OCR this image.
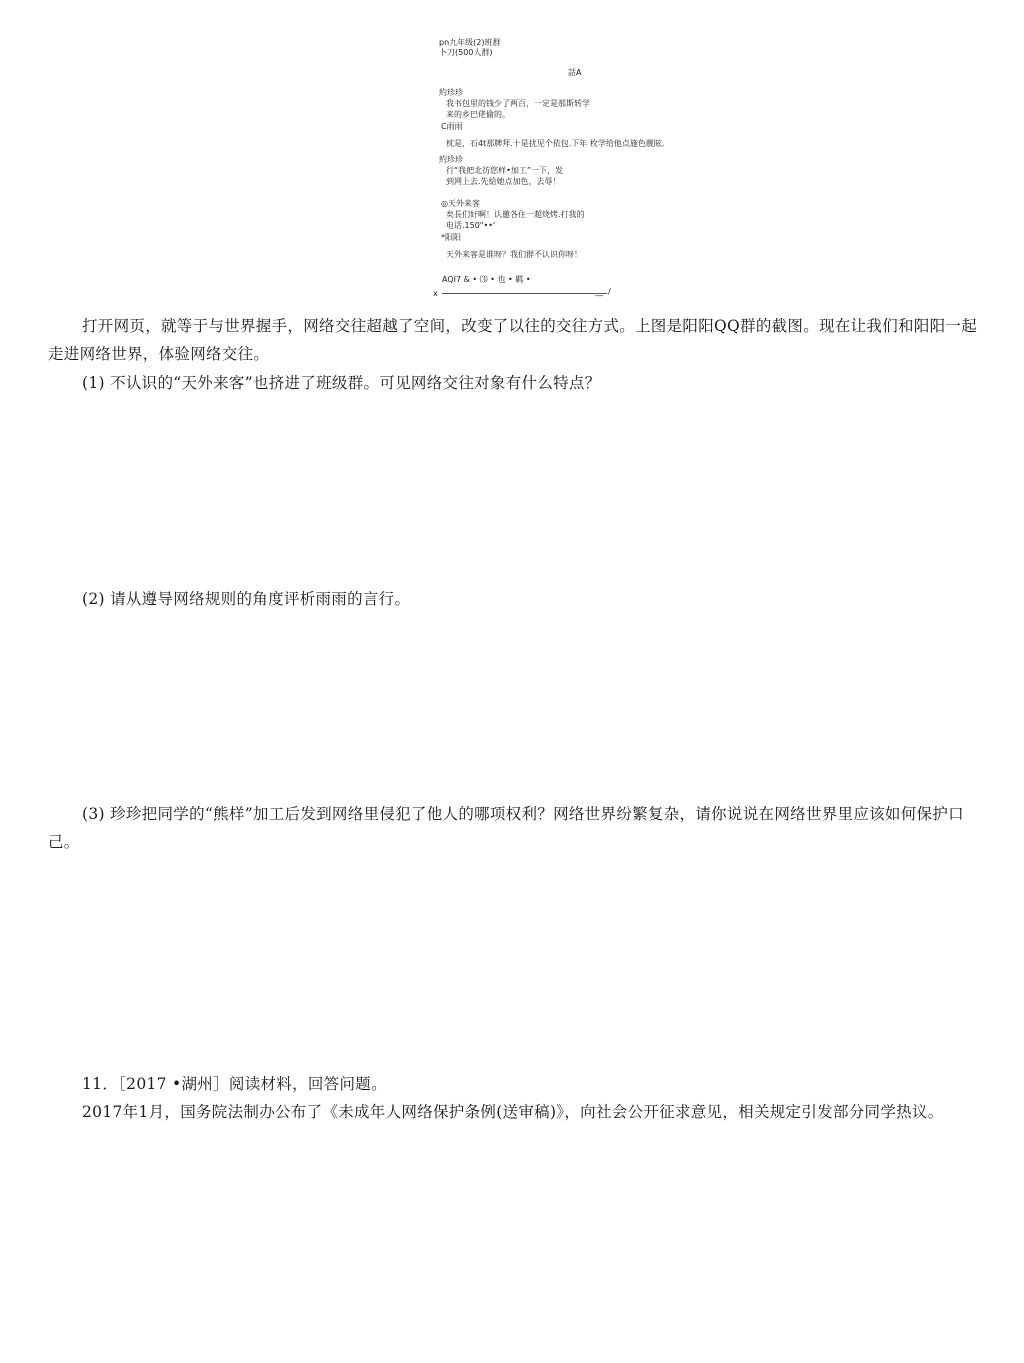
pn九年级(2)班群
卜刀(500人群)
話A
約珍珍
我书包里的钱少了两百，一定是那斯转学
来的乡巴佬偷的。
C雨雨
枕是，石4t那牌拜.十是扰见个依包.下年 枚学给他点施色靓眩.
約珍珍
行“我把北彷您样•加工”一下，发
到网上去.先給她点加色，去辱！
◎天外来客
矣長们好啊！认邀各住一超烧烤.打我的
电话.150"••'
*阳阳
天外来客是谁呀？我们群不认识你呀！
AQI7 & • ⑶ • 也 • 羁 •
x	__ ./
打开网页，就等于与世界握手，网络交往超越了空间，改变了以往的交往方式。上图是阳阳QQ群的截图。现在让我们和阳阳一起走进网络世界，体验网络交往。
(1) 不认识的“天外来客”也挤进了班级群。可见网络交往对象有什么特点？
(2) 请从遵导网络规则的角度评析雨雨的言行。
(3) 珍珍把同学的“熊样”加工后发到网络里侵犯了他人的哪项权利？网络世界纷繁复杂，请你说说在网络世界里应该如何保护口己。
11．［2017 •湖州］阅读材料，回答问题。
2017年1月，国务院法制办公布了《未成年人网络保护条例(送审稿)》，向社会公开征求意见，相关规定引发部分同学热议。
